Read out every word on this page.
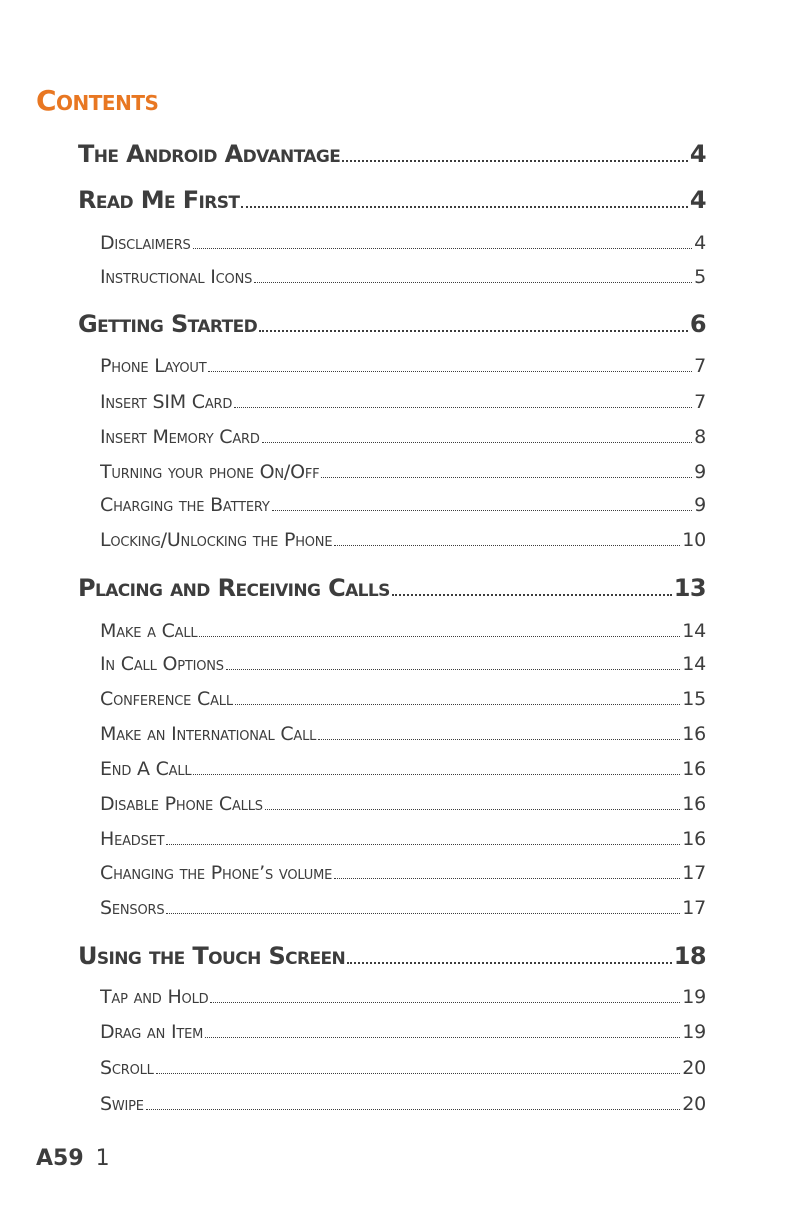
Contents
The Android Advantage	4
Read Me First	4
Disclaimers	4
Instructional Icons	5
Getting Started	6
Phone Layout	7
Insert SIM Card	7
Insert Memory Card	8
Turning your phone On/Off	9
Charging the Battery	9
Locking/Unlocking the Phone	10
Placing and Receiving Calls	13
Make a Call	14
In Call Options	14
Conference Call	15
Make an International Call	16
End A Call	16
Disable Phone Calls	16
Headset	16
Changing the Phone’s volume	17
Sensors	17
Using the Touch Screen	18
Tap and Hold	19
Drag an Item	19
Scroll	20
Swipe	20
A59 1
